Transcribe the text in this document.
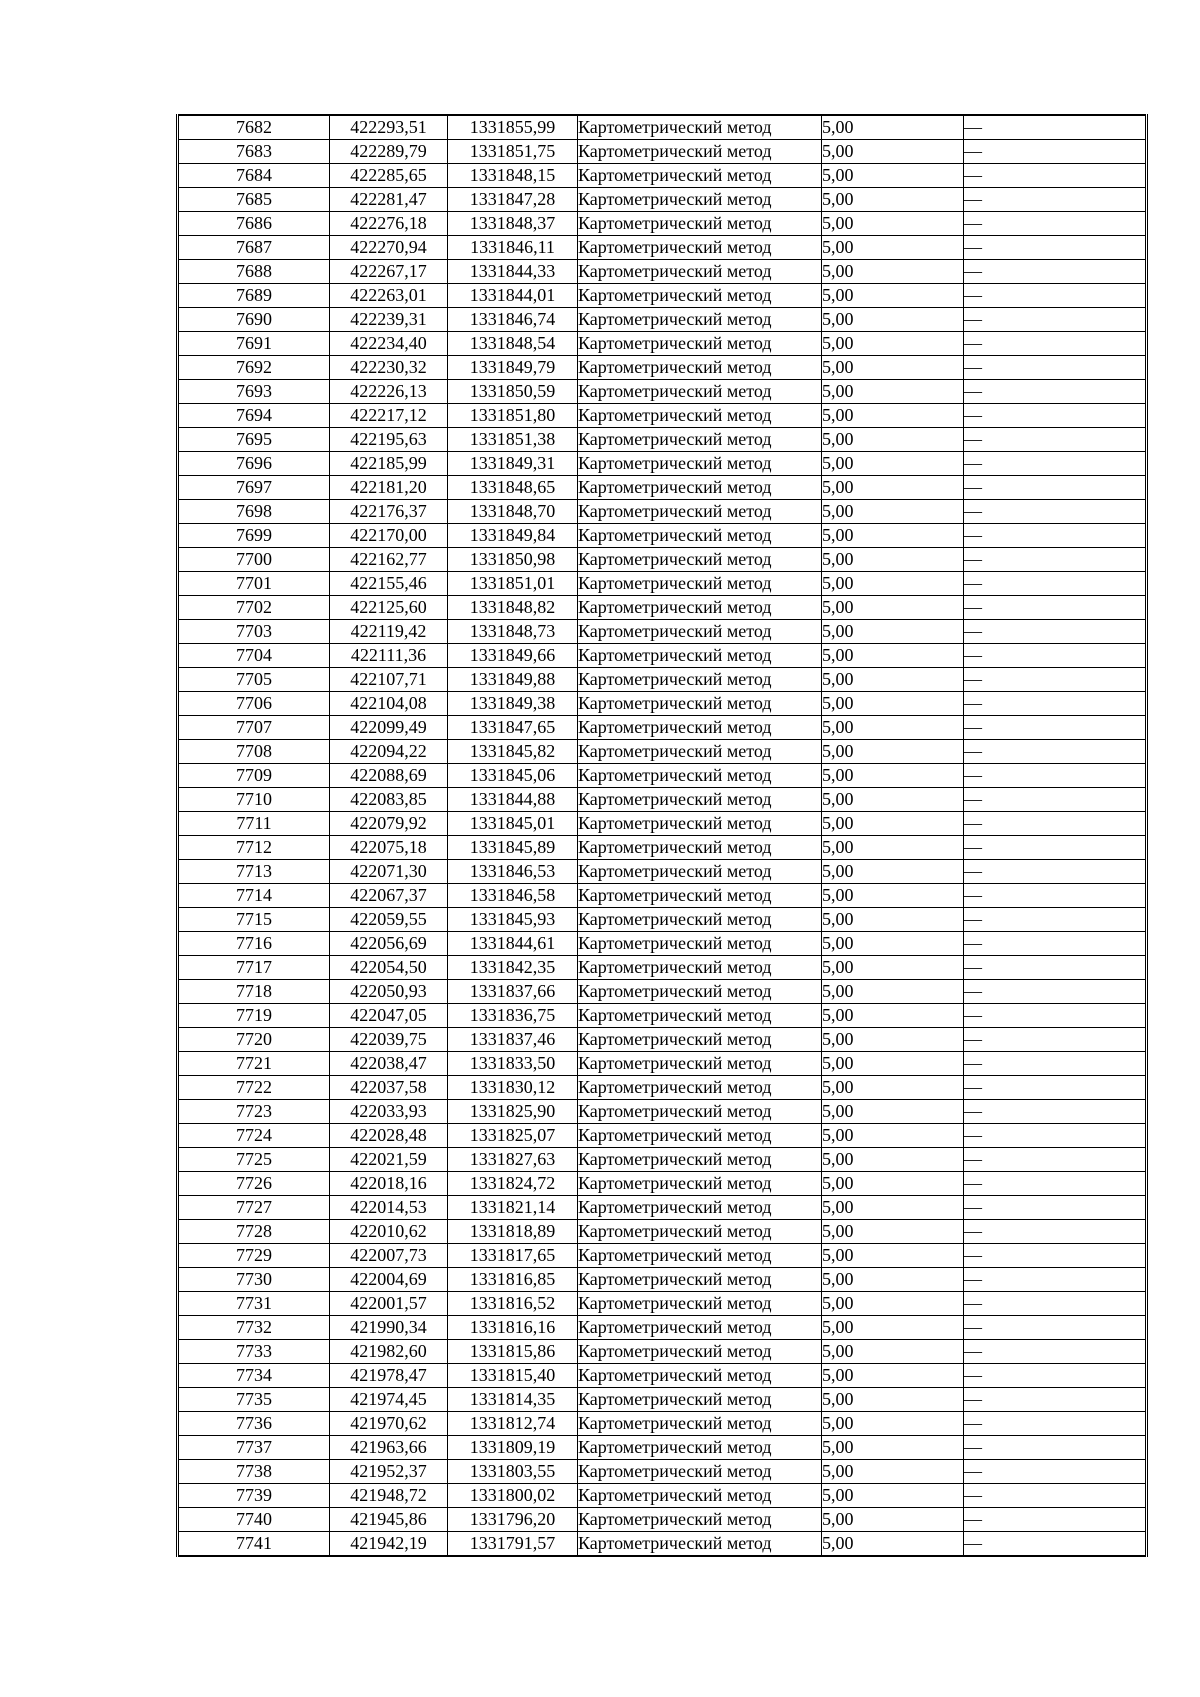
7682	422293,51	1331855,99	Картометрический метод	5,00	—
7683	422289,79	1331851,75	Картометрический метод	5,00	—
7684	422285,65	1331848,15	Картометрический метод	5,00	—
7685	422281,47	1331847,28	Картометрический метод	5,00	—
7686	422276,18	1331848,37	Картометрический метод	5,00	—
7687	422270,94	1331846,11	Картометрический метод	5,00	—
7688	422267,17	1331844,33	Картометрический метод	5,00	—
7689	422263,01	1331844,01	Картометрический метод	5,00	—
7690	422239,31	1331846,74	Картометрический метод	5,00	—
7691	422234,40	1331848,54	Картометрический метод	5,00	—
7692	422230,32	1331849,79	Картометрический метод	5,00	—
7693	422226,13	1331850,59	Картометрический метод	5,00	—
7694	422217,12	1331851,80	Картометрический метод	5,00	—
7695	422195,63	1331851,38	Картометрический метод	5,00	—
7696	422185,99	1331849,31	Картометрический метод	5,00	—
7697	422181,20	1331848,65	Картометрический метод	5,00	—
7698	422176,37	1331848,70	Картометрический метод	5,00	—
7699	422170,00	1331849,84	Картометрический метод	5,00	—
7700	422162,77	1331850,98	Картометрический метод	5,00	—
7701	422155,46	1331851,01	Картометрический метод	5,00	—
7702	422125,60	1331848,82	Картометрический метод	5,00	—
7703	422119,42	1331848,73	Картометрический метод	5,00	—
7704	422111,36	1331849,66	Картометрический метод	5,00	—
7705	422107,71	1331849,88	Картометрический метод	5,00	—
7706	422104,08	1331849,38	Картометрический метод	5,00	—
7707	422099,49	1331847,65	Картометрический метод	5,00	—
7708	422094,22	1331845,82	Картометрический метод	5,00	—
7709	422088,69	1331845,06	Картометрический метод	5,00	—
7710	422083,85	1331844,88	Картометрический метод	5,00	—
7711	422079,92	1331845,01	Картометрический метод	5,00	—
7712	422075,18	1331845,89	Картометрический метод	5,00	—
7713	422071,30	1331846,53	Картометрический метод	5,00	—
7714	422067,37	1331846,58	Картометрический метод	5,00	—
7715	422059,55	1331845,93	Картометрический метод	5,00	—
7716	422056,69	1331844,61	Картометрический метод	5,00	—
7717	422054,50	1331842,35	Картометрический метод	5,00	—
7718	422050,93	1331837,66	Картометрический метод	5,00	—
7719	422047,05	1331836,75	Картометрический метод	5,00	—
7720	422039,75	1331837,46	Картометрический метод	5,00	—
7721	422038,47	1331833,50	Картометрический метод	5,00	—
7722	422037,58	1331830,12	Картометрический метод	5,00	—
7723	422033,93	1331825,90	Картометрический метод	5,00	—
7724	422028,48	1331825,07	Картометрический метод	5,00	—
7725	422021,59	1331827,63	Картометрический метод	5,00	—
7726	422018,16	1331824,72	Картометрический метод	5,00	—
7727	422014,53	1331821,14	Картометрический метод	5,00	—
7728	422010,62	1331818,89	Картометрический метод	5,00	—
7729	422007,73	1331817,65	Картометрический метод	5,00	—
7730	422004,69	1331816,85	Картометрический метод	5,00	—
7731	422001,57	1331816,52	Картометрический метод	5,00	—
7732	421990,34	1331816,16	Картометрический метод	5,00	—
7733	421982,60	1331815,86	Картометрический метод	5,00	—
7734	421978,47	1331815,40	Картометрический метод	5,00	—
7735	421974,45	1331814,35	Картометрический метод	5,00	—
7736	421970,62	1331812,74	Картометрический метод	5,00	—
7737	421963,66	1331809,19	Картометрический метод	5,00	—
7738	421952,37	1331803,55	Картометрический метод	5,00	—
7739	421948,72	1331800,02	Картометрический метод	5,00	—
7740	421945,86	1331796,20	Картометрический метод	5,00	—
7741	421942,19	1331791,57	Картометрический метод	5,00	—
